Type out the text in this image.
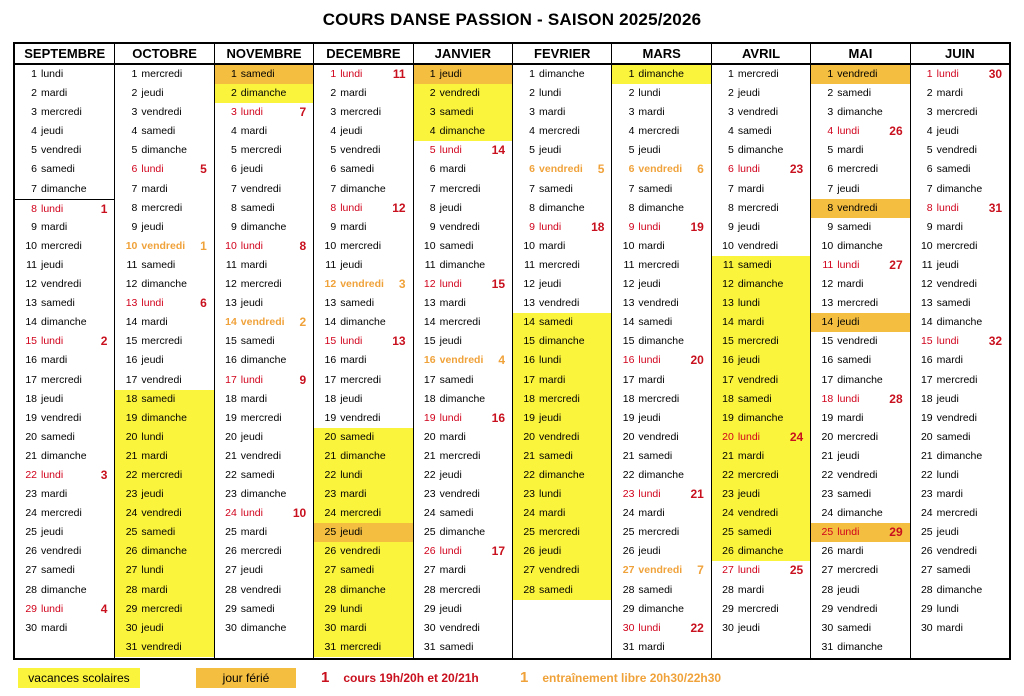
COURS DANSE PASSION - SAISON 2025/2026
SEPTEMBRE
1 lundi
2 mardi
3 mercredi
4 jeudi
5 vendredi
6 samedi
7 dimanche
8 lundi	1
9 mardi
10 mercredi
11 jeudi
12 vendredi
13 samedi
14 dimanche
15 lundi	2
16 mardi
17 mercredi
18 jeudi
19 vendredi
20 samedi
21 dimanche
22 lundi	3
23 mardi
24 mercredi
25 jeudi
26 vendredi
27 samedi
28 dimanche
29 lundi	4
30 mardi
OCTOBRE
1 mercredi
2 jeudi
3 vendredi
4 samedi
5 dimanche
6 lundi	5
7 mardi
8 mercredi
9 jeudi
10 vendredi 1
11 samedi
12 dimanche
13 lundi	6
14 mardi
15 mercredi
16 jeudi
17 vendredi
18 samedi
19 dimanche
20 lundi
21 mardi
22 mercredi
23 jeudi
24 vendredi
25 samedi
26 dimanche
27 lundi
28 mardi
29 mercredi
30 jeudi
31 vendredi
NOVEMBRE
1 samedi
2 dimanche
3 lundi	7
4 mardi
5 mercredi
6 jeudi
7 vendredi
8 samedi
9 dimanche
10 lundi	8
11 mardi
12 mercredi
13 jeudi
14 vendredi 2
15 samedi
16 dimanche
17 lundi	9
18 mardi
19 mercredi
20 jeudi
21 vendredi
22 samedi
23 dimanche
24 lundi 10
25 mardi
26 mercredi
27 jeudi
28 vendredi
29 samedi
30 dimanche
DECEMBRE
1 lundi	11
2 mardi
3 mercredi
4 jeudi
5 vendredi
6 samedi
7 dimanche
8 lundi 12
9 mardi
10 mercredi
11 jeudi
12 vendredi 3
13 samedi
14 dimanche
15 lundi 13
16 mardi
17 mercredi
18 jeudi
19 vendredi
20 samedi
21 dimanche
22 lundi
23 mardi
24 mercredi
25 jeudi
26 vendredi
27 samedi
28 dimanche
29 lundi
30 mardi
31 mercredi
JANVIER
1 jeudi
2 vendredi
3 samedi
4 dimanche
5 lundi 14
6 mardi
7 mercredi
8 jeudi
9 vendredi
10 samedi
11 dimanche
12 lundi 15
13 mardi
14 mercredi
15 jeudi
16 vendredi 4
17 samedi
18 dimanche
19 lundi 16
20 mardi
21 mercredi
22 jeudi
23 vendredi
24 samedi
25 dimanche
26 lundi 17
27 mardi
28 mercredi
29 jeudi
30 vendredi
31 samedi
FEVRIER
1 dimanche
2 lundi
3 mardi
4 mercredi
5 jeudi
6 vendredi 5
7 samedi
8 dimanche
9 lundi 18
10 mardi
11 mercredi
12 jeudi
13 vendredi
14 samedi
15 dimanche
16 lundi
17 mardi
18 mercredi
19 jeudi
20 vendredi
21 samedi
22 dimanche
23 lundi
24 mardi
25 mercredi
26 jeudi
27 vendredi
28 samedi
MARS
1 dimanche
2 lundi
3 mardi
4 mercredi
5 jeudi
6 vendredi 6
7 samedi
8 dimanche
9 lundi 19
10 mardi
11 mercredi
12 jeudi
13 vendredi
14 samedi
15 dimanche
16 lundi 20
17 mardi
18 mercredi
19 jeudi
20 vendredi
21 samedi
22 dimanche
23 lundi 21
24 mardi
25 mercredi
26 jeudi
27 vendredi 7
28 samedi
29 dimanche
30 lundi 22
31 mardi
AVRIL
1 mercredi
2 jeudi
3 vendredi
4 samedi
5 dimanche
6 lundi 23
7 mardi
8 mercredi
9 jeudi
10 vendredi
11 samedi
12 dimanche
13 lundi
14 mardi
15 mercredi
16 jeudi
17 vendredi
18 samedi
19 dimanche
20 lundi 24
21 mardi
22 mercredi
23 jeudi
24 vendredi
25 samedi
26 dimanche
27 lundi 25
28 mardi
29 mercredi
30 jeudi
MAI
1 vendredi
2 samedi
3 dimanche
4 lundi 26
5 mardi
6 mercredi
7 jeudi
8 vendredi
9 samedi
10 dimanche
11 lundi 27
12 mardi
13 mercredi
14 jeudi
15 vendredi
16 samedi
17 dimanche
18 lundi 28
19 mardi
20 mercredi
21 jeudi
22 vendredi
23 samedi
24 dimanche
25 lundi 29
26 mardi
27 mercredi
28 jeudi
29 vendredi
30 samedi
31 dimanche
JUIN
1 lundi 30
2 mardi
3 mercredi
4 jeudi
5 vendredi
6 samedi
7 dimanche
8 lundi 31
9 mardi
10 mercredi
11 jeudi
12 vendredi
13 samedi
14 dimanche
15 lundi 32
16 mardi
17 mercredi
18 jeudi
19 vendredi
20 samedi
21 dimanche
22 lundi
23 mardi
24 mercredi
25 jeudi
26 vendredi
27 samedi
28 dimanche
29 lundi
30 mardi
vacances scolaires	jour férié	1 cours 19h/20h et 20/21h	1 entraînement libre 20h30/22h30
